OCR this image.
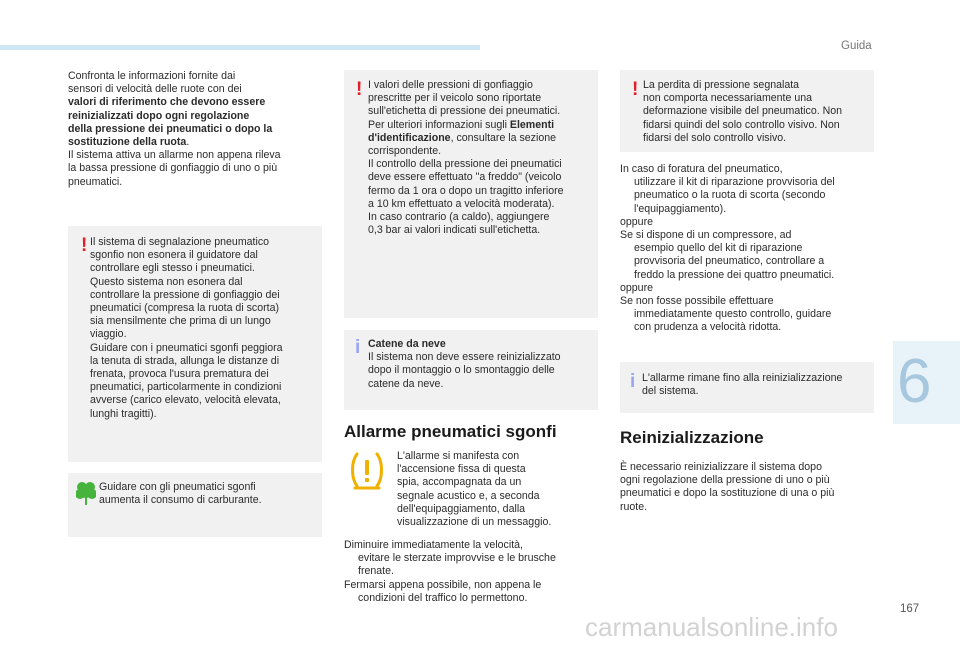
Guida
6
Confronta le informazioni fornite dai
sensori di velocità delle ruote con dei
valori di riferimento che devono essere
reinizializzati dopo ogni regolazione
della pressione dei pneumatici o dopo la
sostituzione della ruota.
Il sistema attiva un allarme non appena rileva
la bassa pressione di gonfiaggio di uno o più
pneumatici.
! Il sistema di segnalazione pneumatico
sgonfio non esonera il guidatore dal
controllare egli stesso i pneumatici.
Questo sistema non esonera dal
controllare la pressione di gonfiaggio dei
pneumatici (compresa la ruota di scorta)
sia mensilmente che prima di un lungo
viaggio.
Guidare con i pneumatici sgonfi peggiora
la tenuta di strada, allunga le distanze di
frenata, provoca l'usura prematura dei
pneumatici, particolarmente in condizioni
avverse (carico elevato, velocità elevata,
lunghi tragitti).
Guidare con gli pneumatici sgonfi
aumenta il consumo di carburante.
! I valori delle pressioni di gonfiaggio
prescritte per il veicolo sono riportate
sull'etichetta di pressione dei pneumatici.
Per ulteriori informazioni sugli Elementi
d'identificazione, consultare la sezione
corrispondente.
Il controllo della pressione dei pneumatici
deve essere effettuato "a freddo" (veicolo
fermo da 1 ora o dopo un tragitto inferiore
a 10 km effettuato a velocità moderata).
In caso contrario (a caldo), aggiungere
0,3 bar ai valori indicati sull'etichetta.
i Catene da neve
Il sistema non deve essere reinizializzato
dopo il montaggio o lo smontaggio delle
catene da neve.
Allarme pneumatici sgonfi
L'allarme si manifesta con
l'accensione fissa di questa
spia, accompagnata da un
segnale acustico e, a seconda
dell'equipaggiamento, dalla
visualizzazione di un messaggio.
Diminuire immediatamente la velocità,
evitare le sterzate improvvise e le brusche
frenate.
Fermarsi appena possibile, non appena le
condizioni del traffico lo permettono.
! La perdita di pressione segnalata
non comporta necessariamente una
deformazione visibile del pneumatico. Non
fidarsi quindi del solo controllo visivo. Non
fidarsi del solo controllo visivo.
In caso di foratura del pneumatico,
utilizzare il kit di riparazione provvisoria del
pneumatico o la ruota di scorta (secondo
l'equipaggiamento).
oppure
Se si dispone di un compressore, ad
esempio quello del kit di riparazione
provvisoria del pneumatico, controllare a
freddo la pressione dei quattro pneumatici.
oppure
Se non fosse possibile effettuare
immediatamente questo controllo, guidare
con prudenza a velocità ridotta.
i L'allarme rimane fino alla reinizializzazione
del sistema.
Reinizializzazione
È necessario reinizializzare il sistema dopo
ogni regolazione della pressione di uno o più
pneumatici e dopo la sostituzione di una o più
ruote.
167
carmanualsonline.info
